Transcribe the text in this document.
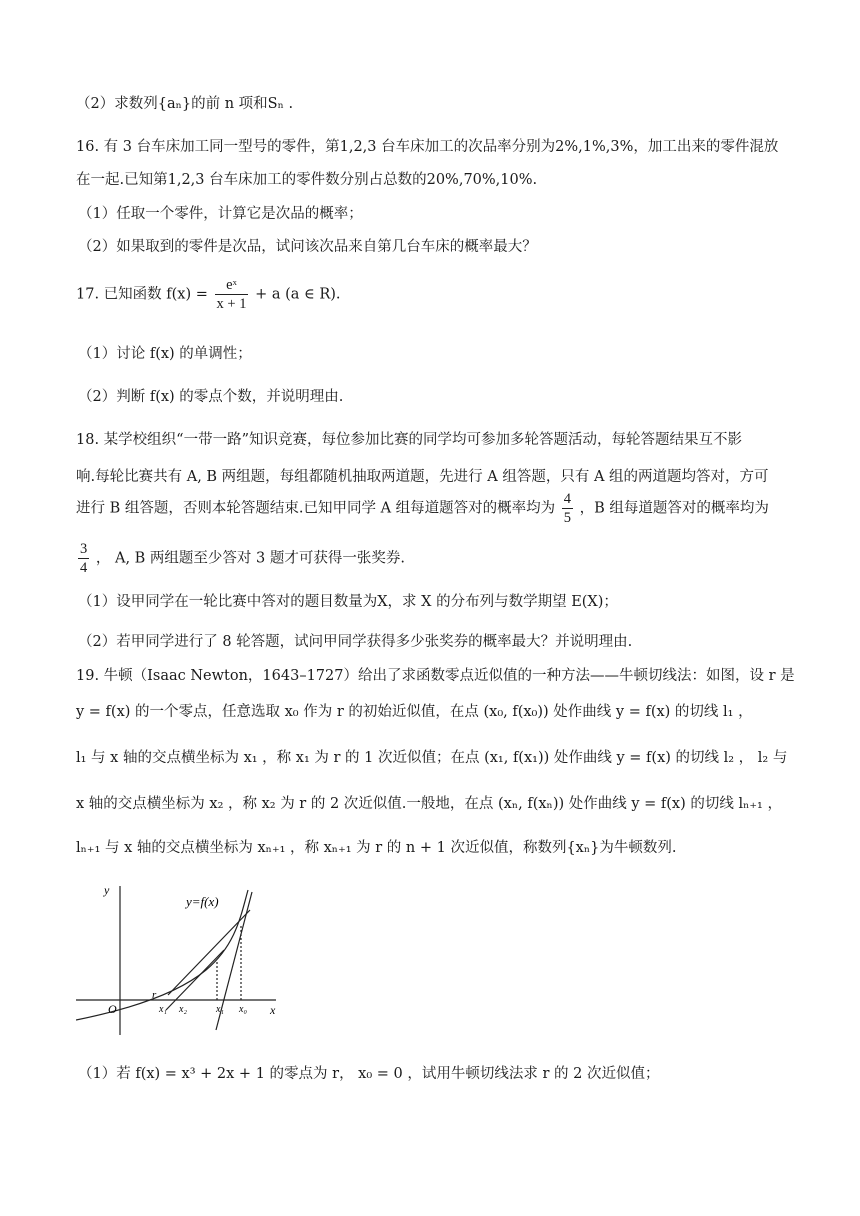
（2）求数列{aₙ}的前 n 项和Sₙ .
16. 有 3 台车床加工同一型号的零件，第1,2,3 台车床加工的次品率分别为2%,1%,3%，加工出来的零件混放
在一起.已知第1,2,3 台车床加工的零件数分别占总数的20%,70%,10%.
（1）任取一个零件，计算它是次品的概率；
（2）如果取到的零件是次品，试问该次品来自第几台车床的概率最大？
17. 已知函数 $f(x) = \frac{\text{eˣ}}{x + 1} + a$ (a ∈ R).
（1）讨论 f(x) 的单调性；
（2）判断 f(x) 的零点个数，并说明理由.
18. 某学校组织“一带一路”知识竞赛，每位参加比赛的同学均可参加多轮答题活动，每轮答题结果互不影
响.每轮比赛共有 A, B 两组题，每组都随机抽取两道题，先进行 A 组答题，只有 A 组的两道题均答对，方可
进行 B 组答题，否则本轮答题结束.已知甲同学 A 组每道题答对的概率均为 $\frac{4}{5}$ ，B 组每道题答对的概率均为
$\frac{3}{4}$ ， A, B 两组题至少答对 3 题才可获得一张奖券.
（1）设甲同学在一轮比赛中答对的题目数量为X，求 X 的分布列与数学期望 E(X)；
（2）若甲同学进行了 8 轮答题，试问甲同学获得多少张奖券的概率最大？并说明理由.
19. 牛顿（Isaac Newton，1643–1727）给出了求函数零点近似值的一种方法——牛顿切线法：如图，设 r 是
y = f(x) 的一个零点，任意选取 x₀ 作为 r 的初始近似值，在点 (x₀, f(x₀)) 处作曲线 y = f(x) 的切线 l₁ ，
l₁ 与 x 轴的交点横坐标为 x₁ ，称 x₁ 为 r 的 1 次近似值；在点 (x₁, f(x₁)) 处作曲线 y = f(x) 的切线 l₂ ， l₂ 与
x 轴的交点横坐标为 x₂ ，称 x₂ 为 r 的 2 次近似值.一般地，在点 (xₙ, f(xₙ)) 处作曲线 y = f(x) 的切线 lₙ₊₁ ，
lₙ₊₁ 与 x 轴的交点横坐标为 xₙ₊₁ ，称 xₙ₊₁ 为 r 的 n + 1 次近似值，称数列{xₙ}为牛顿数列.
y
x
O
y=f(x)
r
x₁ x₂	x₁ x₀
（1）若 f(x) = x³ + 2x + 1 的零点为 r， x₀ = 0 ，试用牛顿切线法求 r 的 2 次近似值；
